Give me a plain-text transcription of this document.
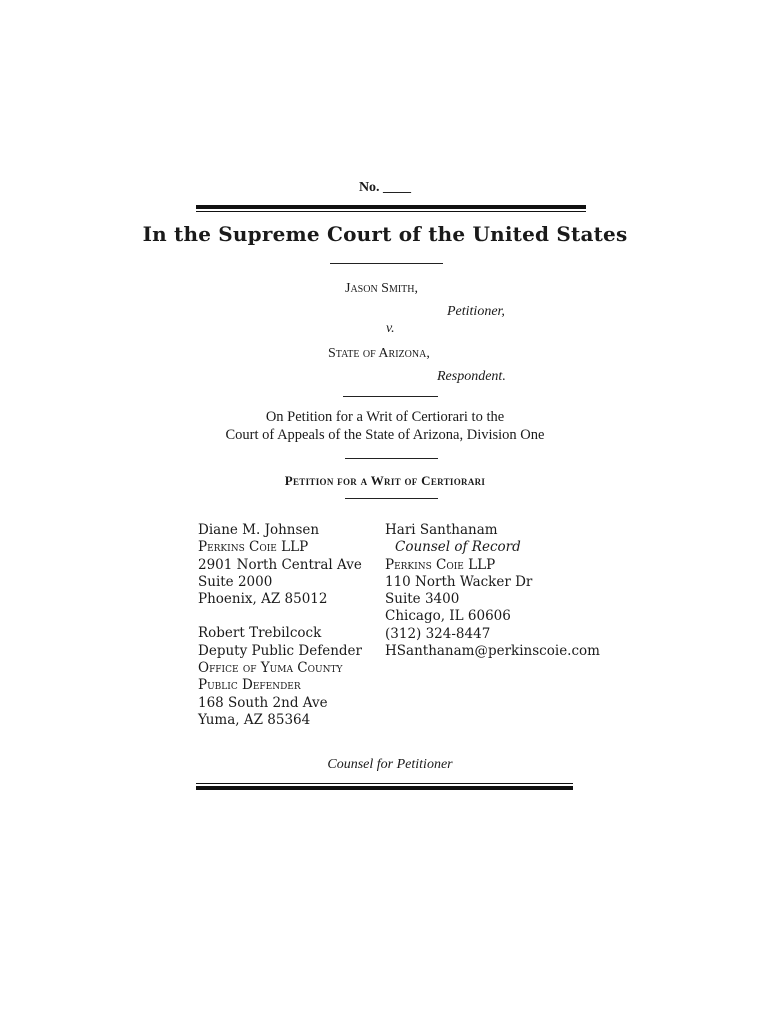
No. ____
In the Supreme Court of the United States
Jason Smith,
Petitioner,
v.
State of Arizona,
Respondent.
On Petition for a Writ of Certiorari to the
Court of Appeals of the State of Arizona, Division One
Petition for a Writ of Certiorari
Diane M. Johnsen
Perkins Coie LLP
2901 North Central Ave
Suite 2000
Phoenix, AZ 85012
Robert Trebilcock
Deputy Public Defender
Office of Yuma County
Public Defender
168 South 2nd Ave
Yuma, AZ 85364
Hari Santhanam
Counsel of Record
Perkins Coie LLP
110 North Wacker Dr
Suite 3400
Chicago, IL 60606
(312) 324-8447
HSanthanam@perkinscoie.com
Counsel for Petitioner
